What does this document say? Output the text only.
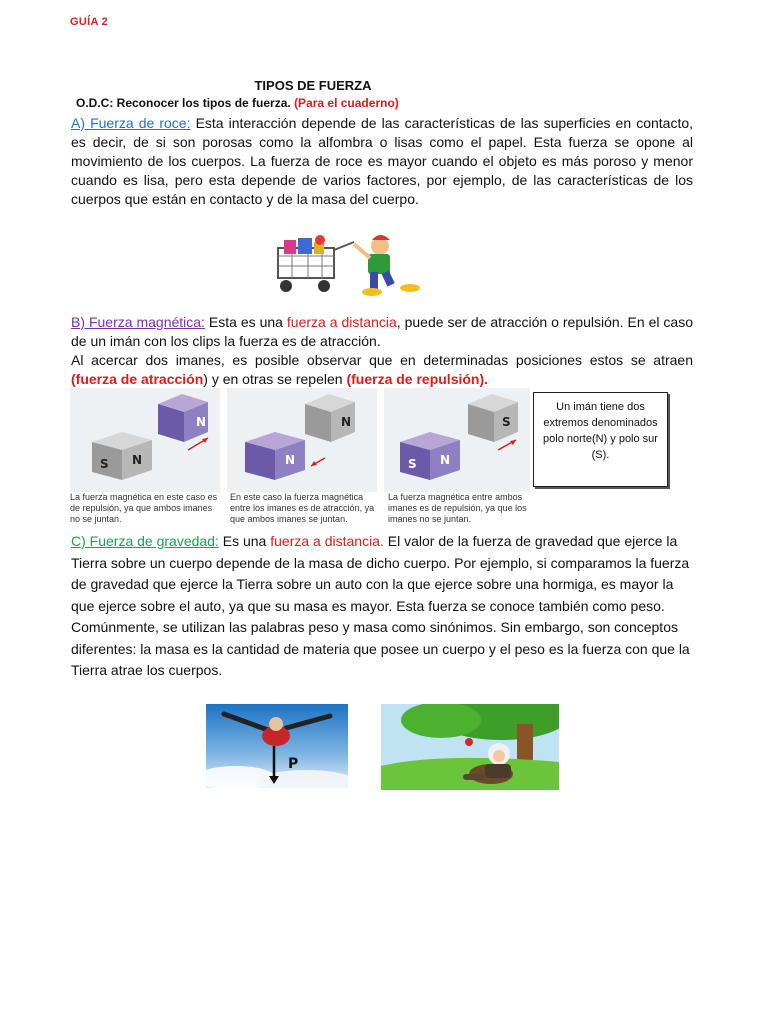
GUÍA 2
TIPOS DE FUERZA
O.D.C: Reconocer los tipos de fuerza. (Para el cuaderno)
A) Fuerza de roce: Esta interacción depende de las características de las superficies en contacto, es decir, de si son porosas como la alfombra o lisas como el papel. Esta fuerza se opone al movimiento de los cuerpos. La fuerza de roce es mayor cuando el objeto es más poroso y menor cuando es lisa, pero esta depende de varios factores, por ejemplo, de las características de los cuerpos que están en contacto y de la masa del cuerpo.
B) Fuerza magnética: Esta es una fuerza a distancia, puede ser de atracción o repulsión. En el caso de un imán con los clips la fuerza es de atracción.
Al acercar dos imanes, es posible observar que en determinadas posiciones estos se atraen (fuerza de atracción) y en otras se repelen (fuerza de repulsión).
N
S N
La fuerza magnética en este caso es de repulsión, ya que ambos imanes no se juntan.
N
N
En este caso la fuerza magnética entre los imanes es de atracción, ya que ambos imanes se juntan.
S
S N
La fuerza magnética entre ambos imanes es de repulsión, ya que los imanes no se juntan.
Un imán tiene dos extremos denominados polo norte(N) y polo sur (S).
C) Fuerza de gravedad: Es una fuerza a distancia. El valor de la fuerza de gravedad que ejerce la Tierra sobre un cuerpo depende de la masa de dicho cuerpo. Por ejemplo, si comparamos la fuerza de gravedad que ejerce la Tierra sobre un auto con la que ejerce sobre una hormiga, es mayor la que ejerce sobre el auto, ya que su masa es mayor. Esta fuerza se conoce también como peso. Comúnmente, se utilizan las palabras peso y masa como sinónimos. Sin embargo, son conceptos diferentes: la masa es la cantidad de materia que posee un cuerpo y el peso es la fuerza con que la Tierra atrae los cuerpos.
P
